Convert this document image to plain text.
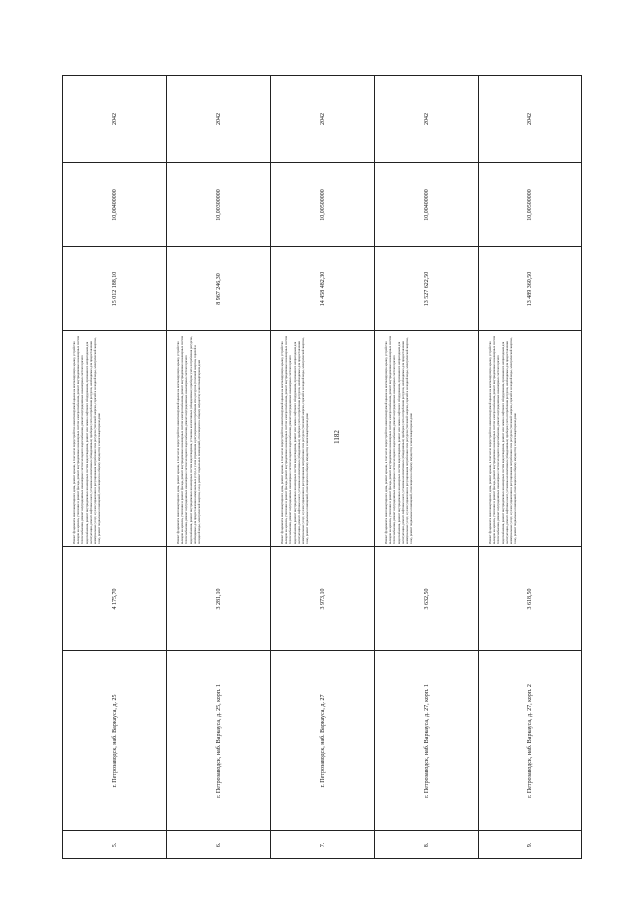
1182
2042
10,00400000
15 012 188,10
Ремонт фундамента многоквартирного дома, ремонт крыши, в том числе переустройство невентилируемой крыши на вентилируемую крышу, устройство выходов на кровлю, утепление и ремонт фасада, ремонт внутридомовых инженерных систем электроснабжения, ремонт внутридомовых инженерных систем теплоснабжения, ремонт внутридомовых инженерных систем холодного водоснабжения, ремонт внутридомовых инженерных систем горячего водоснабжения, ремонт внутридомовых инженерных систем водоотведения, ремонт или замена лифтового оборудования, признанного непригодным для эксплуатации, ремонт лифтовых шахт, установка коллективных (общедомовых) приборов учета потребления ресурсов, необходимых для предоставления коммунальных услуг, и узлов управления и регулирования потребления этих ресурсов (тепловой энергии, горячей и холодной воды, электрической энергии, газа), ремонт подвальных помещений, относящихся к общему имуществу в многоквартирном доме
4 175,70
г. Петрозаводск, наб. Варкауса, д. 25
5.
2042
10,00300000
8 967 246,30
Ремонт фундамента многоквартирного дома, ремонт крыши, в том числе переустройство невентилируемой крыши на вентилируемую крышу, устройство выходов на кровлю, утепление и ремонт фасада, ремонт внутридомовых инженерных систем электроснабжения, ремонт внутридомовых инженерных систем теплоснабжения, ремонт внутридомовых инженерных систем холодного водоснабжения, ремонт внутридомовых инженерных систем горячего водоснабжения, ремонт внутридомовых инженерных систем водоотведения, установка коллективных (общедомовых) приборов учета потребления ресурсов, необходимых для предоставления коммунальных услуг, и узлов управления и регулирования потребления этих ресурсов (тепловой энергии, горячей и холодной воды, электрической энергии, газа), ремонт подвальных помещений, относящихся к общему имуществу в многоквартирном доме
3 281,10
г. Петрозаводск, наб. Варкауса, д. 25, корп. 1
6.
2042
10,00500000
14 458 482,30
Ремонт фундамента многоквартирного дома, ремонт крыши, в том числе переустройство невентилируемой крыши на вентилируемую крышу, устройство выходов на кровлю, утепление и ремонт фасада, ремонт внутридомовых инженерных систем электроснабжения, ремонт внутридомовых инженерных систем теплоснабжения, ремонт внутридомовых инженерных систем холодного водоснабжения, ремонт внутридомовых инженерных систем горячего водоснабжения, ремонт внутридомовых инженерных систем водоотведения, ремонт или замена лифтового оборудования, признанного непригодным для эксплуатации, ремонт лифтовых шахт, установка коллективных (общедомовых) приборов учета потребления ресурсов, необходимых для предоставления коммунальных услуг, и узлов управления и регулирования потребления этих ресурсов (тепловой энергии, горячей и холодной воды, электрической энергии, газа), ремонт подвальных помещений, относящихся к общему имуществу в многоквартирном доме
3 973,10
г. Петрозаводск, наб. Варкауса, д. 27
7.
2042
10,00400000
13 527 622,50
Ремонт фундамента многоквартирного дома, ремонт крыши, в том числе переустройство невентилируемой крыши на вентилируемую крышу, устройство выходов на кровлю, утепление и ремонт фасада, ремонт внутридомовых инженерных систем электроснабжения, ремонт внутридомовых инженерных систем теплоснабжения, ремонт внутридомовых инженерных систем холодного водоснабжения, ремонт внутридомовых инженерных систем горячего водоснабжения, ремонт внутридомовых инженерных систем водоотведения, ремонт или замена лифтового оборудования, признанного непригодным для эксплуатации, ремонт лифтовых шахт, установка коллективных (общедомовых) приборов учета потребления ресурсов, необходимых для предоставления коммунальных услуг, и узлов управления и регулирования потребления этих ресурсов (тепловой энергии, горячей и холодной воды, электрической энергии, газа), ремонт подвальных помещений, относящихся к общему имуществу в многоквартирном доме
3 632,50
г. Петрозаводск, наб. Варкауса, д. 27, корп. 1
8.
2042
10,00500000
13 489 360,50
Ремонт фундамента многоквартирного дома, ремонт крыши, в том числе переустройство невентилируемой крыши на вентилируемую крышу, устройство выходов на кровлю, утепление и ремонт фасада, ремонт внутридомовых инженерных систем электроснабжения, ремонт внутридомовых инженерных систем теплоснабжения, ремонт внутридомовых инженерных систем холодного водоснабжения, ремонт внутридомовых инженерных систем горячего водоснабжения, ремонт внутридомовых инженерных систем водоотведения, ремонт или замена лифтового оборудования, признанного непригодным для эксплуатации, ремонт лифтовых шахт, установка коллективных (общедомовых) приборов учета потребления ресурсов, необходимых для предоставления коммунальных услуг, и узлов управления и регулирования потребления этих ресурсов (тепловой энергии, горячей и холодной воды, электрической энергии, газа), ремонт подвальных помещений, относящихся к общему имуществу в многоквартирном доме
3 618,50
г. Петрозаводск, наб. Варкауса, д. 27, корп. 2
9.
